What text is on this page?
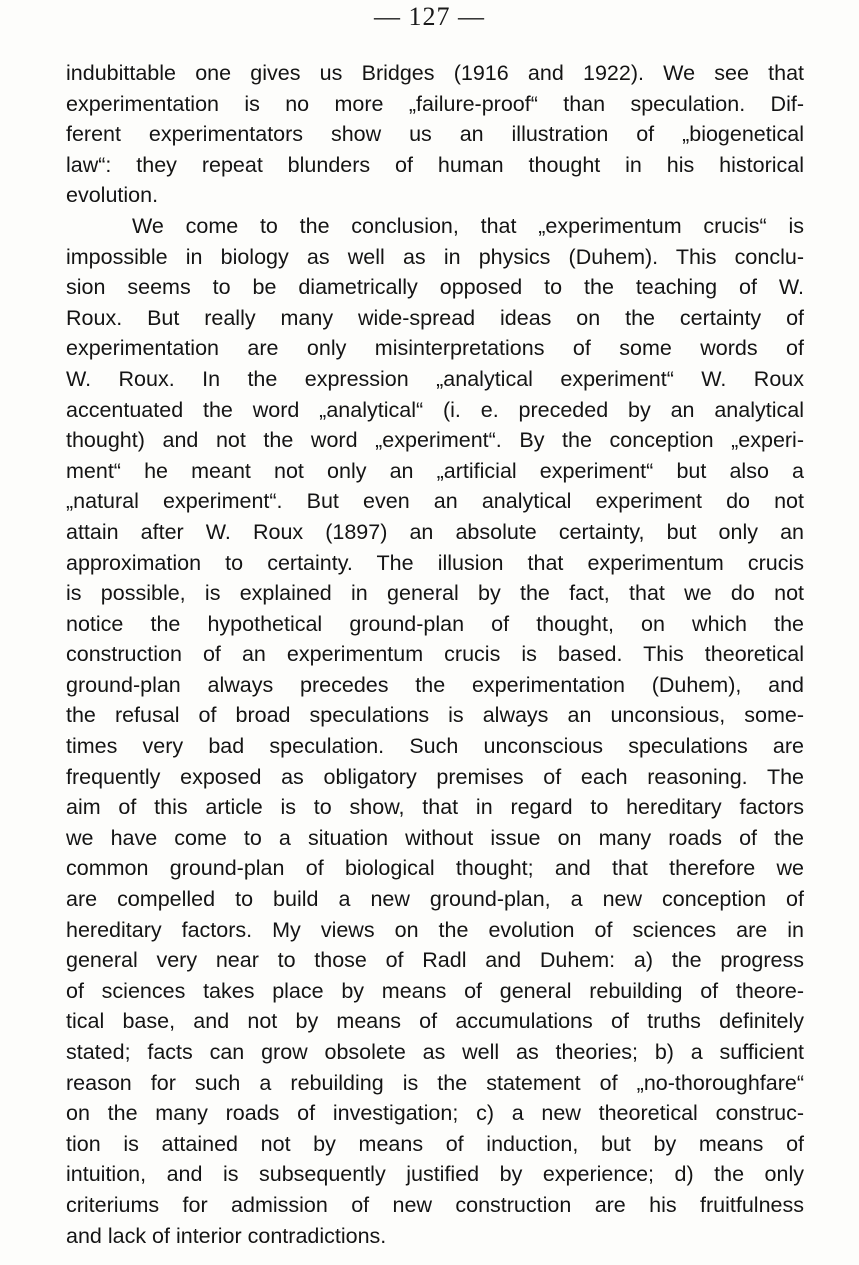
— 127 —
indubittable one gives us Bridges (1916 and 1922). We see that
experimentation is no more „failure-proof“ than speculation. Dif-
ferent experimentators show us an illustration of „biogenetical
law“: they repeat blunders of human thought in his historical
evolution.
We come to the conclusion, that „experimentum crucis“ is
impossible in biology as well as in physics (Duhem). This conclu-
sion seems to be diametrically opposed to the teaching of W.
Roux. But really many wide-spread ideas on the certainty of
experimentation are only misinterpretations of some words of
W. Roux. In the expression „analytical experiment“ W. Roux
accentuated the word „analytical“ (i. e. preceded by an analytical
thought) and not the word „experiment“. By the conception „experi-
ment“ he meant not only an „artificial experiment“ but also a
„natural experiment“. But even an analytical experiment do not
attain after W. Roux (1897) an absolute certainty, but only an
approximation to certainty. The illusion that experimentum crucis
is possible, is explained in general by the fact, that we do not
notice the hypothetical ground-plan of thought, on which the
construction of an experimentum crucis is based. This theoretical
ground-plan always precedes the experimentation (Duhem), and
the refusal of broad speculations is always an unconsious, some-
times very bad speculation. Such unconscious speculations are
frequently exposed as obligatory premises of each reasoning. The
aim of this article is to show, that in regard to hereditary factors
we have come to a situation without issue on many roads of the
common ground-plan of biological thought; and that therefore we
are compelled to build a new ground-plan, a new conception of
hereditary factors. My views on the evolution of sciences are in
general very near to those of Radl and Duhem: a) the progress
of sciences takes place by means of general rebuilding of theore-
tical base, and not by means of accumulations of truths definitely
stated; facts can grow obsolete as well as theories; b) a sufficient
reason for such a rebuilding is the statement of „no-thoroughfare“
on the many roads of investigation; c) a new theoretical construc-
tion is attained not by means of induction, but by means of
intuition, and is subsequently justified by experience; d) the only
criteriums for admission of new construction are his fruitfulness
and lack of interior contradictions.
